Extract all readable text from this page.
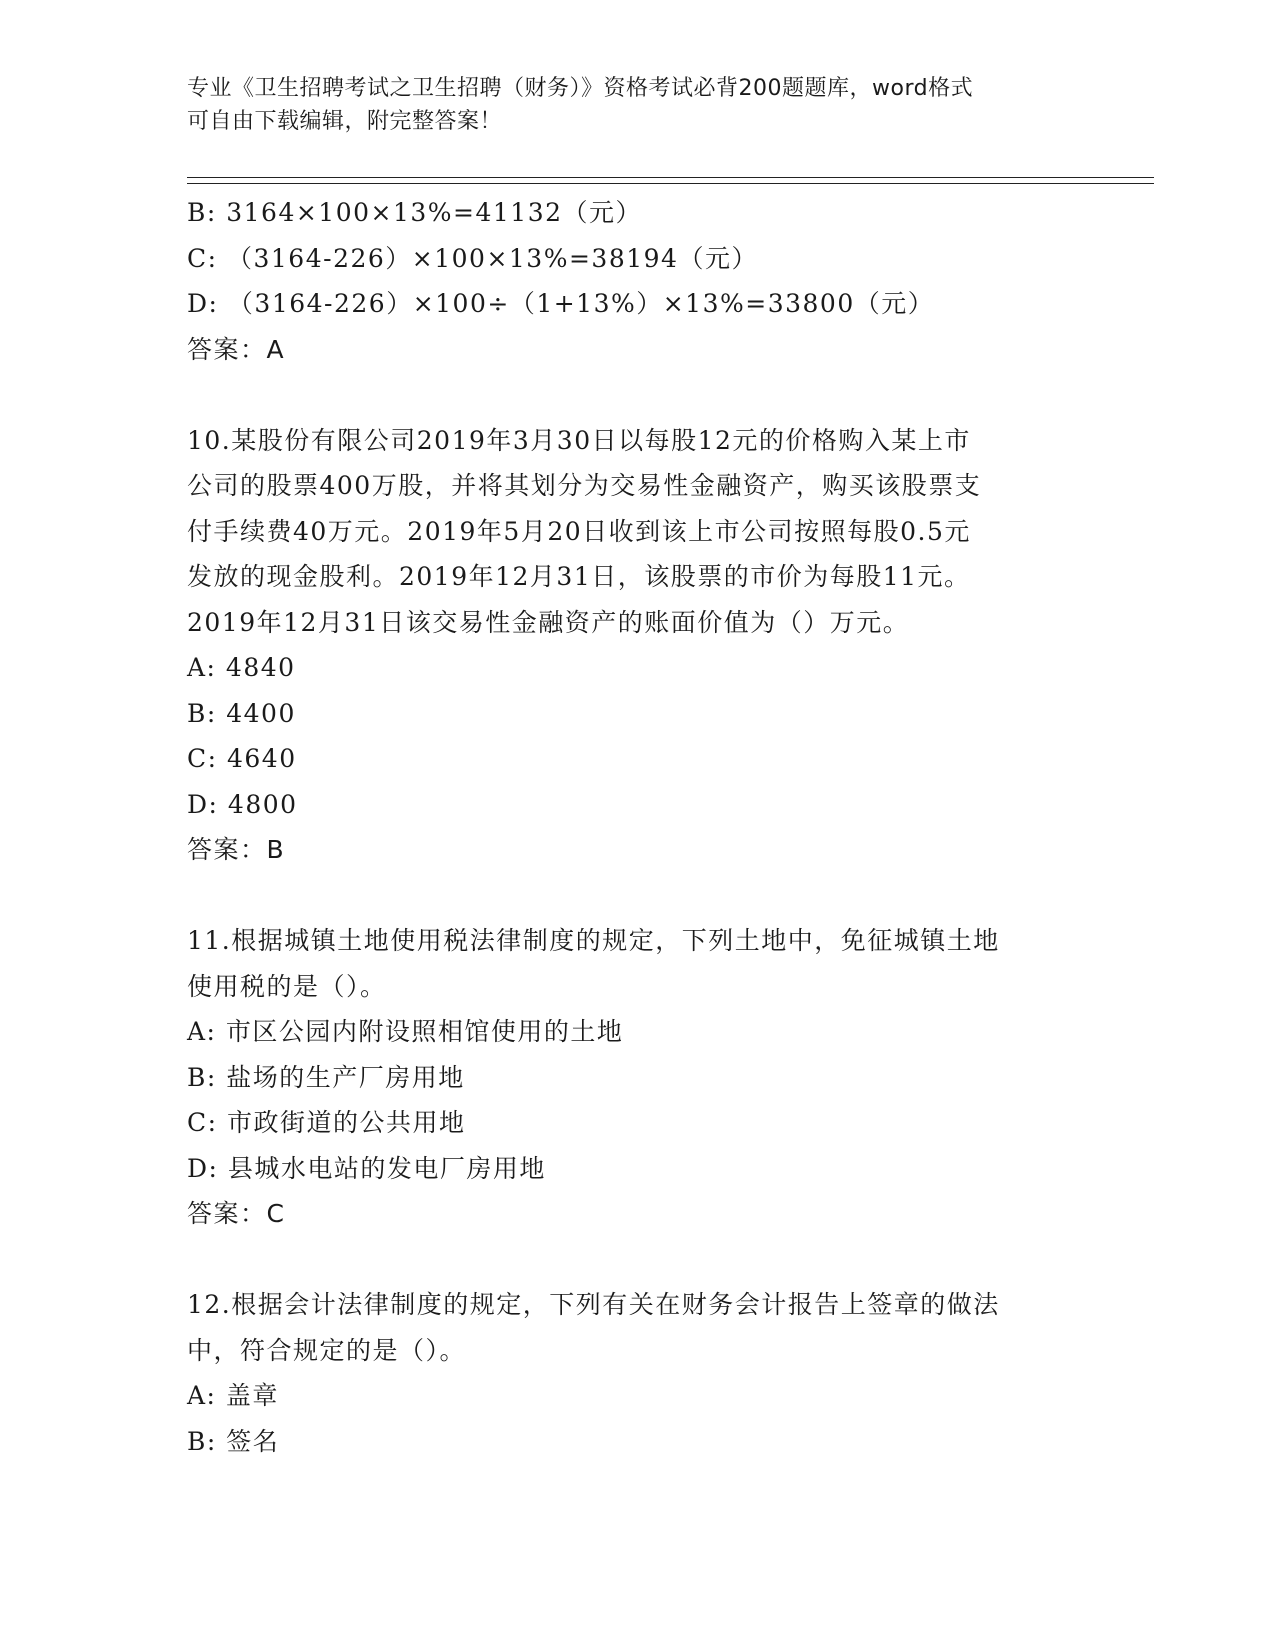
专业《卫生招聘考试之卫生招聘（财务）》资格考试必背200题题库，word格式
可自由下载编辑，附完整答案！
B: 3164×100×13%=41132（元）
C: （3164-226）×100×13%=38194（元）
D: （3164-226）×100÷（1+13%）×13%=33800（元）
答案：A
10.某股份有限公司2019年3月30日以每股12元的价格购入某上市
公司的股票400万股，并将其划分为交易性金融资产，购买该股票支
付手续费40万元。2019年5月20日收到该上市公司按照每股0.5元
发放的现金股利。2019年12月31日，该股票的市价为每股11元。
2019年12月31日该交易性金融资产的账面价值为（）万元。
A: 4840
B: 4400
C: 4640
D: 4800
答案：B
11.根据城镇土地使用税法律制度的规定，下列土地中，免征城镇土地
使用税的是（）。
A: 市区公园内附设照相馆使用的土地
B: 盐场的生产厂房用地
C: 市政街道的公共用地
D: 县城水电站的发电厂房用地
答案：C
12.根据会计法律制度的规定，下列有关在财务会计报告上签章的做法
中，符合规定的是（）。
A: 盖章
B: 签名
